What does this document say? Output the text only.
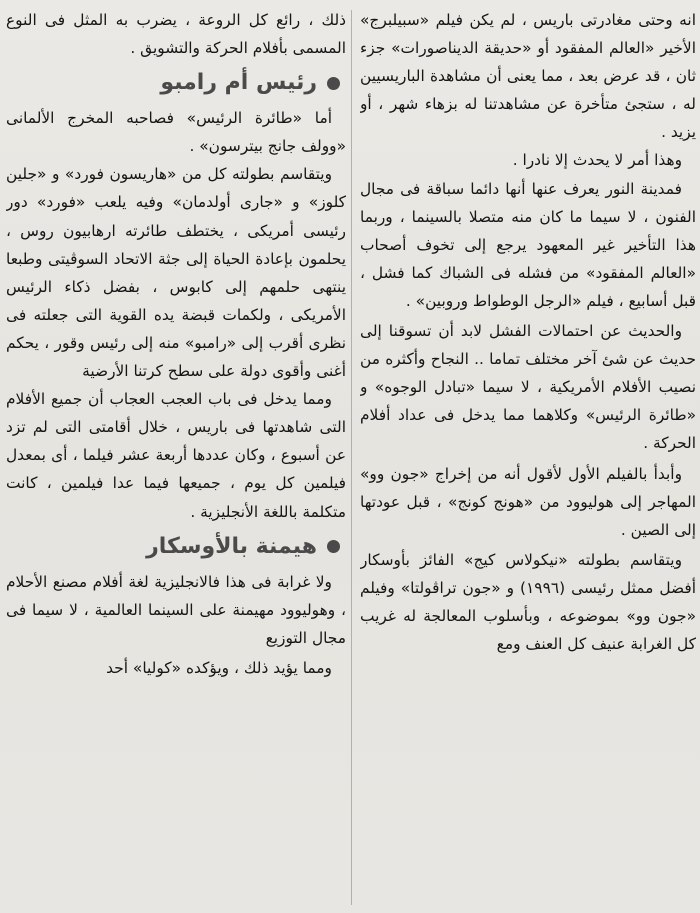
انه وحتى مغادرتى باريس ، لم يكن فيلم «سبيلبرج» الأخير «العالم المفقود أو «حديقة الديناصورات» جزء ثان ، قد عرض بعد ، مما يعنى أن مشاهدة الباريسيين له ، ستجئ متأخرة عن مشاهدتنا له بزهاء شهر ، أو يزيد .

وهذا أمر لا يحدث إلا نادرا .

فمدينة النور يعرف عنها أنها دائما سباقة فى مجال الفنون ، لا سيما ما كان منه متصلا بالسينما ، وربما هذا التأخير غير المعهود يرجع إلى تخوف أصحاب «العالم المفقود» من فشله فى الشباك كما فشل ، قبل أسابيع ، فيلم «الرجل الوطواط وروبين» .

والحديث عن احتمالات الفشل لابد أن تسوقنا إلى حديث عن شئ آخر مختلف تماما .. النجاح وأكثره من نصيب الأفلام الأمريكية ، لا سيما «تبادل الوجوه» و «طائرة الرئيس» وكلاهما مما يدخل فى عداد أفلام الحركة .

وأبدأ بالفيلم الأول لأقول أنه من إخراج «جون وو» المهاجر إلى هوليوود من «هونج كونج» ، قبل عودتها إلى الصين .

ويتقاسم بطولته «نيكولاس كيج» الفائز بأوسكار أفضل ممثل رئيسى (١٩٩٦) و «جون تراڤولتا» وفيلم «جون وو» بموضوعه ، وبأسلوب المعالجة له غريب كل الغرابة عنيف كل العنف ومع

ذلك ، رائع كل الروعة ، يضرب به المثل فى النوع المسمى بأفلام الحركة والتشويق .

رئيس أم رامبو

أما «طائرة الرئيس» فصاحبه المخرج الألمانى «وولف جانج بيترسون» .

ويتقاسم بطولته كل من «هاريسون فورد» و «جلين كلوز» و «جارى أولدمان» وفيه يلعب «فورد» دور رئيسى أمريكى ، يختطف طائرته ارهابيون روس ، يحلمون بإعادة الحياة إلى جثة الاتحاد السوڤيتى وطبعا ينتهى حلمهم إلى كابوس ، بفضل ذكاء الرئيس الأمريكى ، ولكمات قبضة يده القوية التى جعلته فى نظرى أقرب إلى «رامبو» منه إلى رئيس وقور ، يحكم أغنى وأقوى دولة على سطح كرتنا الأرضية

ومما يدخل فى باب العجب العجاب أن جميع الأفلام التى شاهدتها فى باريس ، خلال أقامتى التى لم تزد عن أسبوع ، وكان عددها أربعة عشر فيلما ، أى بمعدل فيلمين كل يوم ، جميعها فيما عدا فيلمين ، كانت متكلمة باللغة الأنجليزية .

هيمنة بالأوسكار

ولا غرابة فى هذا فالانجليزية لغة أفلام مصنع الأحلام ، وهوليوود مهيمنة على السينما العالمية ، لا سيما فى مجال التوزيع

ومما يؤيد ذلك ، ويؤكده «كوليا» أحد
